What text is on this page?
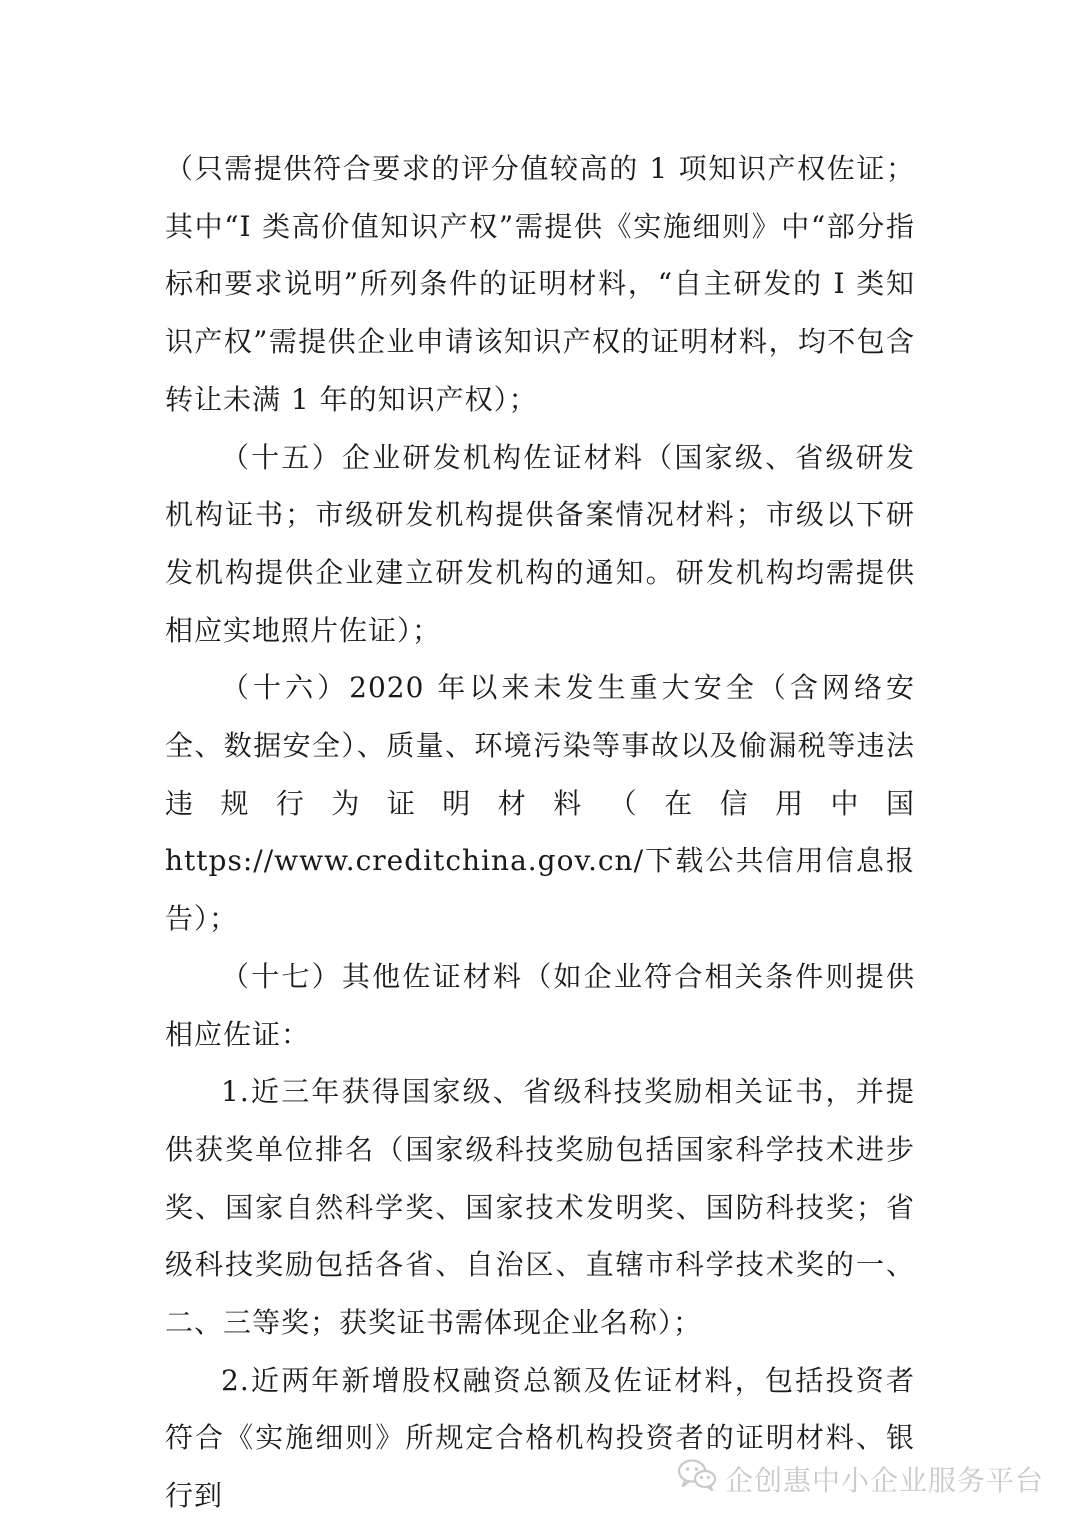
（只需提供符合要求的评分值较高的 1 项知识产权佐证；其中“I 类高价值知识产权”需提供《实施细则》中“部分指标和要求说明”所列条件的证明材料，“自主研发的 I 类知识产权”需提供企业申请该知识产权的证明材料，均不包含转让未满 1 年的知识产权）；

（十五）企业研发机构佐证材料（国家级、省级研发机构证书；市级研发机构提供备案情况材料；市级以下研发机构提供企业建立研发机构的通知。研发机构均需提供相应实地照片佐证）；

（十六）2020 年以来未发生重大安全（含网络安全、数据安全）、质量、环境污染等事故以及偷漏税等违法违规行为证明材料（在信用中国 https://www.creditchina.gov.cn/下载公共信用信息报告）；

（十七）其他佐证材料（如企业符合相关条件则提供相应佐证：

1.近三年获得国家级、省级科技奖励相关证书，并提供获奖单位排名（国家级科技奖励包括国家科学技术进步奖、国家自然科学奖、国家技术发明奖、国防科技奖；省级科技奖励包括各省、自治区、直辖市科学技术奖的一、二、三等奖；获奖证书需体现企业名称）；

2.近两年新增股权融资总额及佐证材料，包括投资者符合《实施细则》所规定合格机构投资者的证明材料、银行到	企创惠中小企业服务平台
